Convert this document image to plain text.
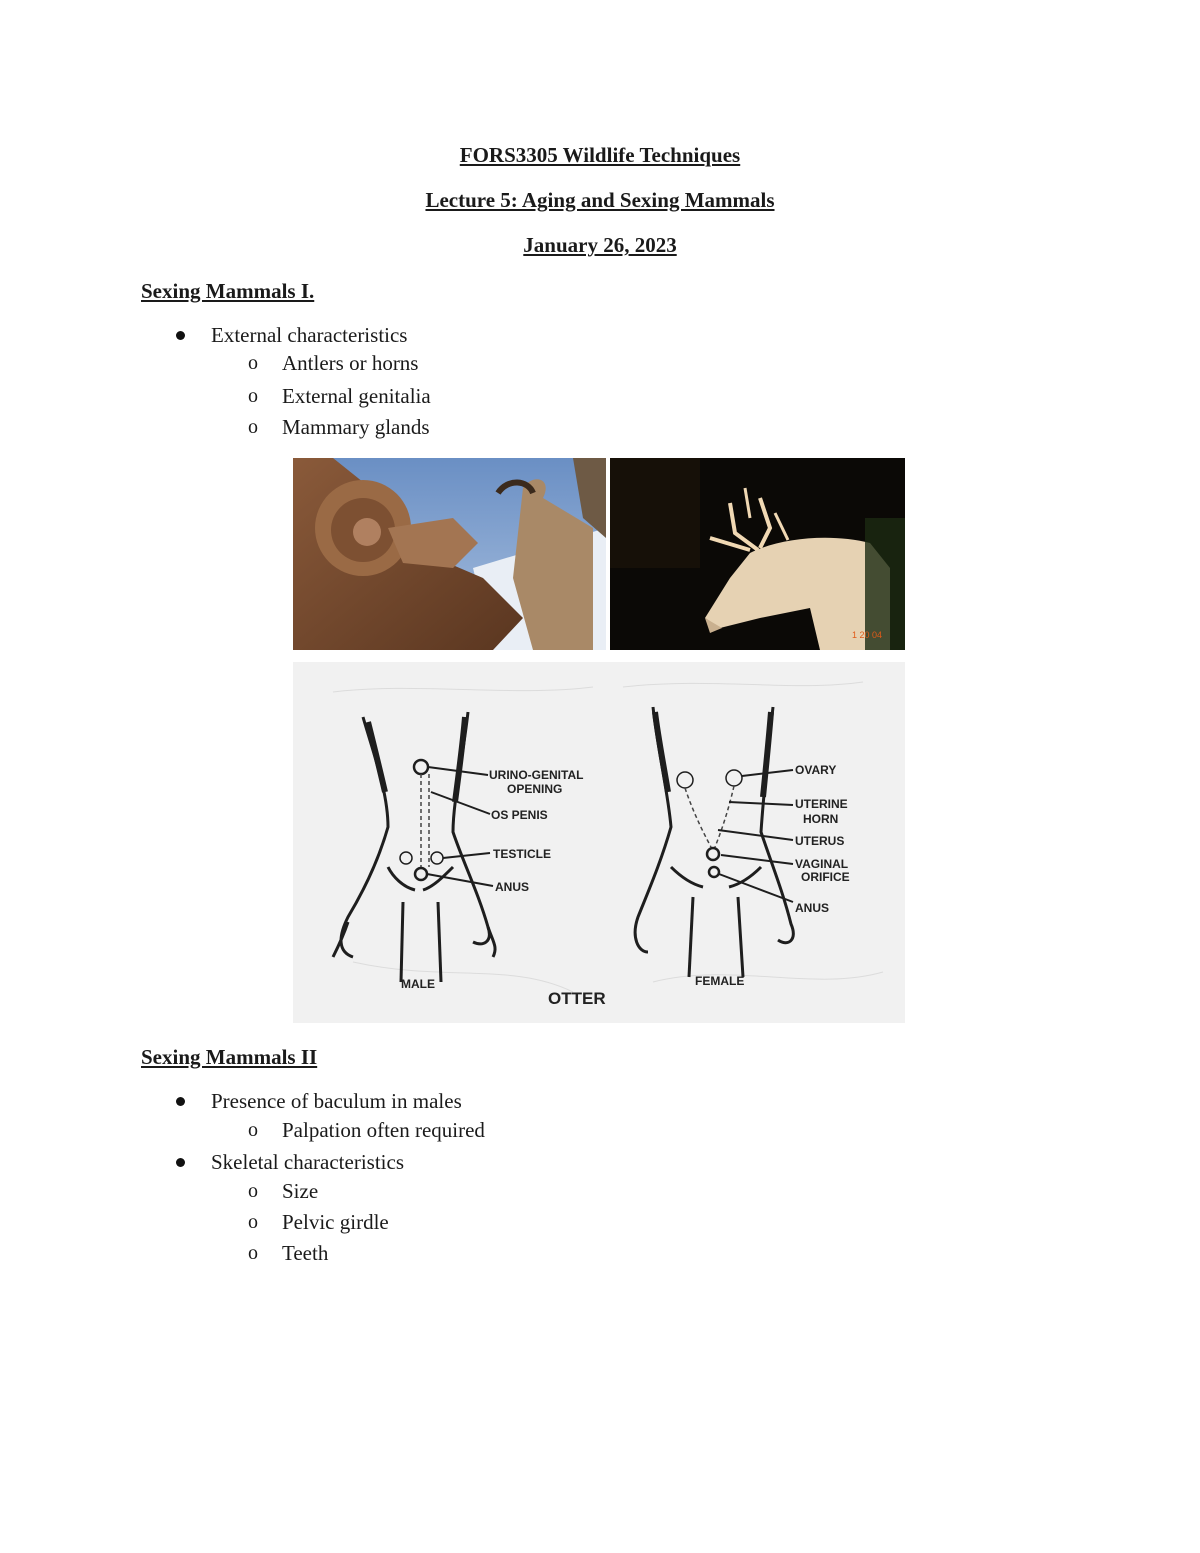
FORS3305 Wildlife Techniques
Lecture 5: Aging and Sexing Mammals
January 26, 2023
Sexing Mammals I.
External characteristics
o Antlers or horns
o External genitalia
o Mammary glands
1 20 04
URINO-GENITAL
OPENING
OS PENIS
TESTICLE
ANUS
MALE
OVARY
UTERINE
HORN
UTERUS
VAGINAL
ORIFICE
ANUS
FEMALE
OTTER
Sexing Mammals II
Presence of baculum in males
o Palpation often required
Skeletal characteristics
o Size
o Pelvic girdle
o Teeth
